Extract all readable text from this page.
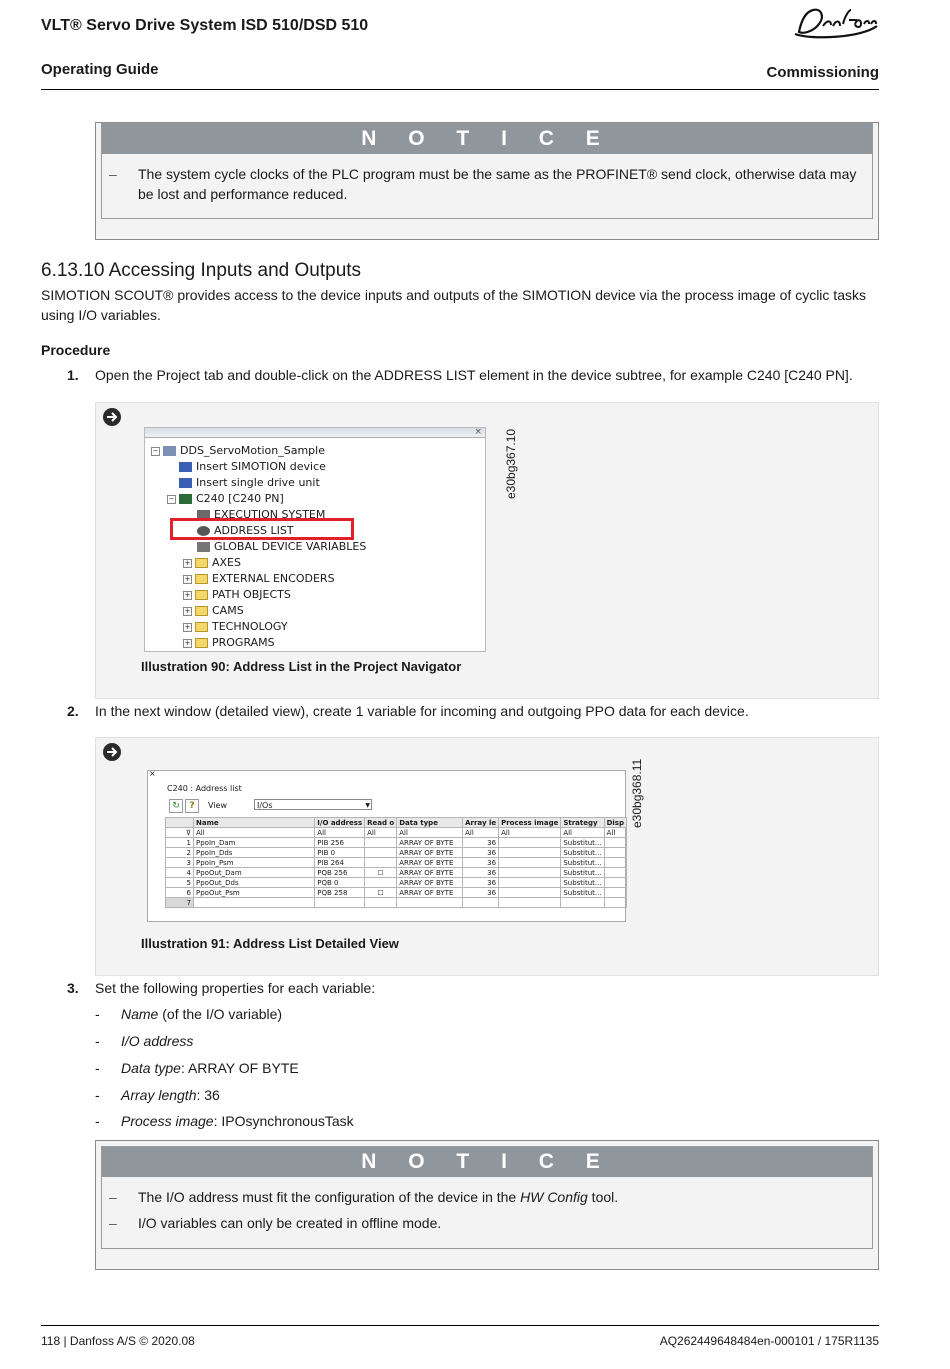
VLT® Servo Drive System ISD 510/DSD 510
Operating Guide	Commissioning
N O T I C E
– The system cycle clocks of the PLC program must be the same as the PROFINET® send clock, otherwise data may be lost and performance reduced.
6.13.10 Accessing Inputs and Outputs
SIMOTION SCOUT® provides access to the device inputs and outputs of the SIMOTION device via the process image of cyclic tasks using I/O variables.
Procedure
1. Open the Project tab and double-click on the ADDRESS LIST element in the device subtree, for example C240 [C240 PN].
×
− DDS_ServoMotion_Sample
Insert SIMOTION device
Insert single drive unit
− C240 [C240 PN]
EXECUTION SYSTEM
ADDRESS LIST
GLOBAL DEVICE VARIABLES
+ AXES
+ EXTERNAL ENCODERS
+ PATH OBJECTS
+ CAMS
+ TECHNOLOGY
+ PROGRAMS
e30bg367.10
Illustration 90: Address List in the Project Navigator
2. In the next window (detailed view), create 1 variable for incoming and outgoing PPO data for each device.
×
C240 : Address list
↻	?	View	I/Os	▼
	Name	I/O address	Read o	Data type	Array le	Process image	Strategy	Disp
⊽	All	All	All	All	All	All	All	All
1	PpoIn_Dam	PIB 256		ARRAY OF BYTE	36		Substitut...	
2	PpoIn_Dds	PIB 0		ARRAY OF BYTE	36		Substitut...	
3	PpoIn_Psm	PIB 264		ARRAY OF BYTE	36		Substitut...	
4	PpoOut_Dam	PQB 256	☐	ARRAY OF BYTE	36		Substitut...	
5	PpoOut_Dds	PQB 0		ARRAY OF BYTE	36		Substitut...	
6	PpoOut_Psm	PQB 258	☐	ARRAY OF BYTE	36		Substitut...	
7								
e30bg368.11
Illustration 91: Address List Detailed View
3. Set the following properties for each variable:
- Name (of the I/O variable)
- I/O address
- Data type: ARRAY OF BYTE
- Array length: 36
- Process image: IPOsynchronousTask
N O T I C E
– The I/O address must fit the configuration of the device in the HW Config tool.
– I/O variables can only be created in offline mode.
118 | Danfoss A/S © 2020.08	AQ262449648484en-000101 / 175R1135
